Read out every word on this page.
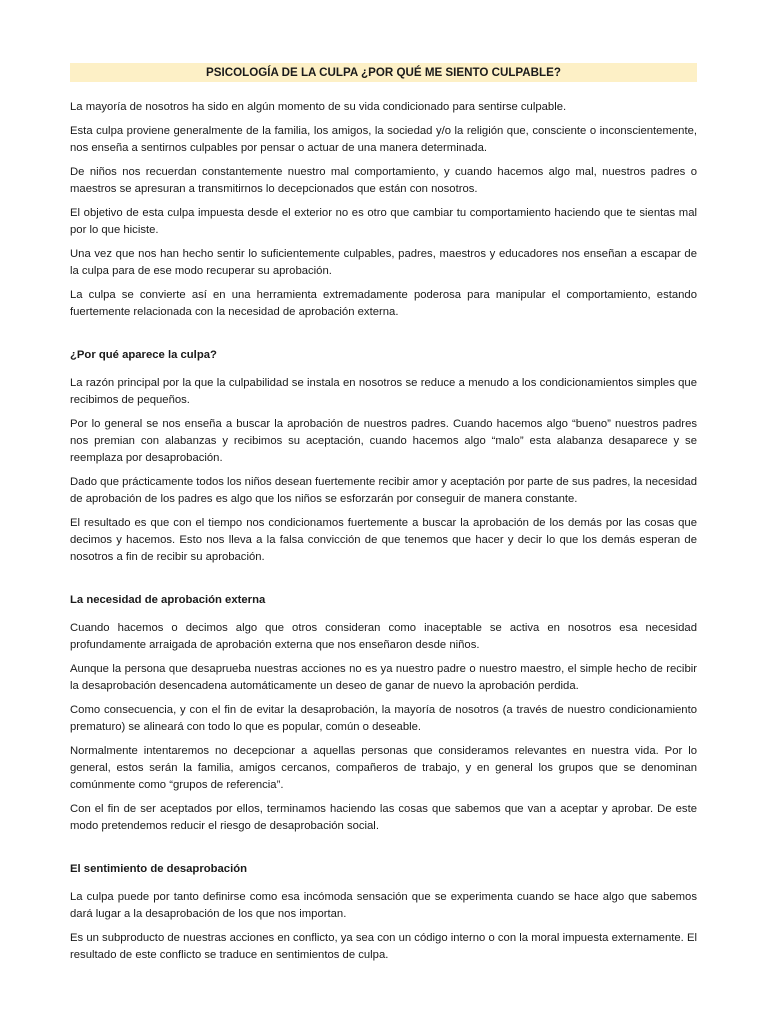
PSICOLOGÍA DE LA CULPA ¿POR QUÉ ME SIENTO CULPABLE?

La mayoría de nosotros ha sido en algún momento de su vida condicionado para sentirse culpable.

Esta culpa proviene generalmente de la familia, los amigos, la sociedad y/o la religión que, consciente o inconscientemente, nos enseña a sentirnos culpables por pensar o actuar de una manera determinada.

De niños nos recuerdan constantemente nuestro mal comportamiento, y cuando hacemos algo mal, nuestros padres o maestros se apresuran a transmitirnos lo decepcionados que están con nosotros.

El objetivo de esta culpa impuesta desde el exterior no es otro que cambiar tu comportamiento haciendo que te sientas mal por lo que hiciste.

Una vez que nos han hecho sentir lo suficientemente culpables, padres, maestros y educadores nos enseñan a escapar de la culpa para de ese modo recuperar su aprobación.

La culpa se convierte así en una herramienta extremadamente poderosa para manipular el comportamiento, estando fuertemente relacionada con la necesidad de aprobación externa.

¿Por qué aparece la culpa?

La razón principal por la que la culpabilidad se instala en nosotros se reduce a menudo a los condicionamientos simples que recibimos de pequeños.

Por lo general se nos enseña a buscar la aprobación de nuestros padres. Cuando hacemos algo “bueno” nuestros padres nos premian con alabanzas y recibimos su aceptación, cuando hacemos algo “malo” esta alabanza desaparece y se reemplaza por desaprobación.

Dado que prácticamente todos los niños desean fuertemente recibir amor y aceptación por parte de sus padres, la necesidad de aprobación de los padres es algo que los niños se esforzarán por conseguir de manera constante.

El resultado es que con el tiempo nos condicionamos fuertemente a buscar la aprobación de los demás por las cosas que decimos y hacemos. Esto nos lleva a la falsa convicción de que tenemos que hacer y decir lo que los demás esperan de nosotros a fin de recibir su aprobación.

La necesidad de aprobación externa

Cuando hacemos o decimos algo que otros consideran como inaceptable se activa en nosotros esa necesidad profundamente arraigada de aprobación externa que nos enseñaron desde niños.

Aunque la persona que desaprueba nuestras acciones no es ya nuestro padre o nuestro maestro, el simple hecho de recibir la desaprobación desencadena automáticamente un deseo de ganar de nuevo la aprobación perdida.

Como consecuencia, y con el fin de evitar la desaprobación, la mayoría de nosotros (a través de nuestro condicionamiento prematuro) se alineará con todo lo que es popular, común o deseable.

Normalmente intentaremos no decepcionar a aquellas personas que consideramos relevantes en nuestra vida. Por lo general, estos serán la familia, amigos cercanos, compañeros de trabajo, y en general los grupos que se denominan comúnmente como “grupos de referencia”.

Con el fin de ser aceptados por ellos, terminamos haciendo las cosas que sabemos que van a aceptar y aprobar. De este modo pretendemos reducir el riesgo de desaprobación social.

El sentimiento de desaprobación

La culpa puede por tanto definirse como esa incómoda sensación que se experimenta cuando se hace algo que sabemos dará lugar a la desaprobación de los que nos importan.

Es un subproducto de nuestras acciones en conflicto, ya sea con un código interno o con la moral impuesta externamente. El resultado de este conflicto se traduce en sentimientos de culpa.
